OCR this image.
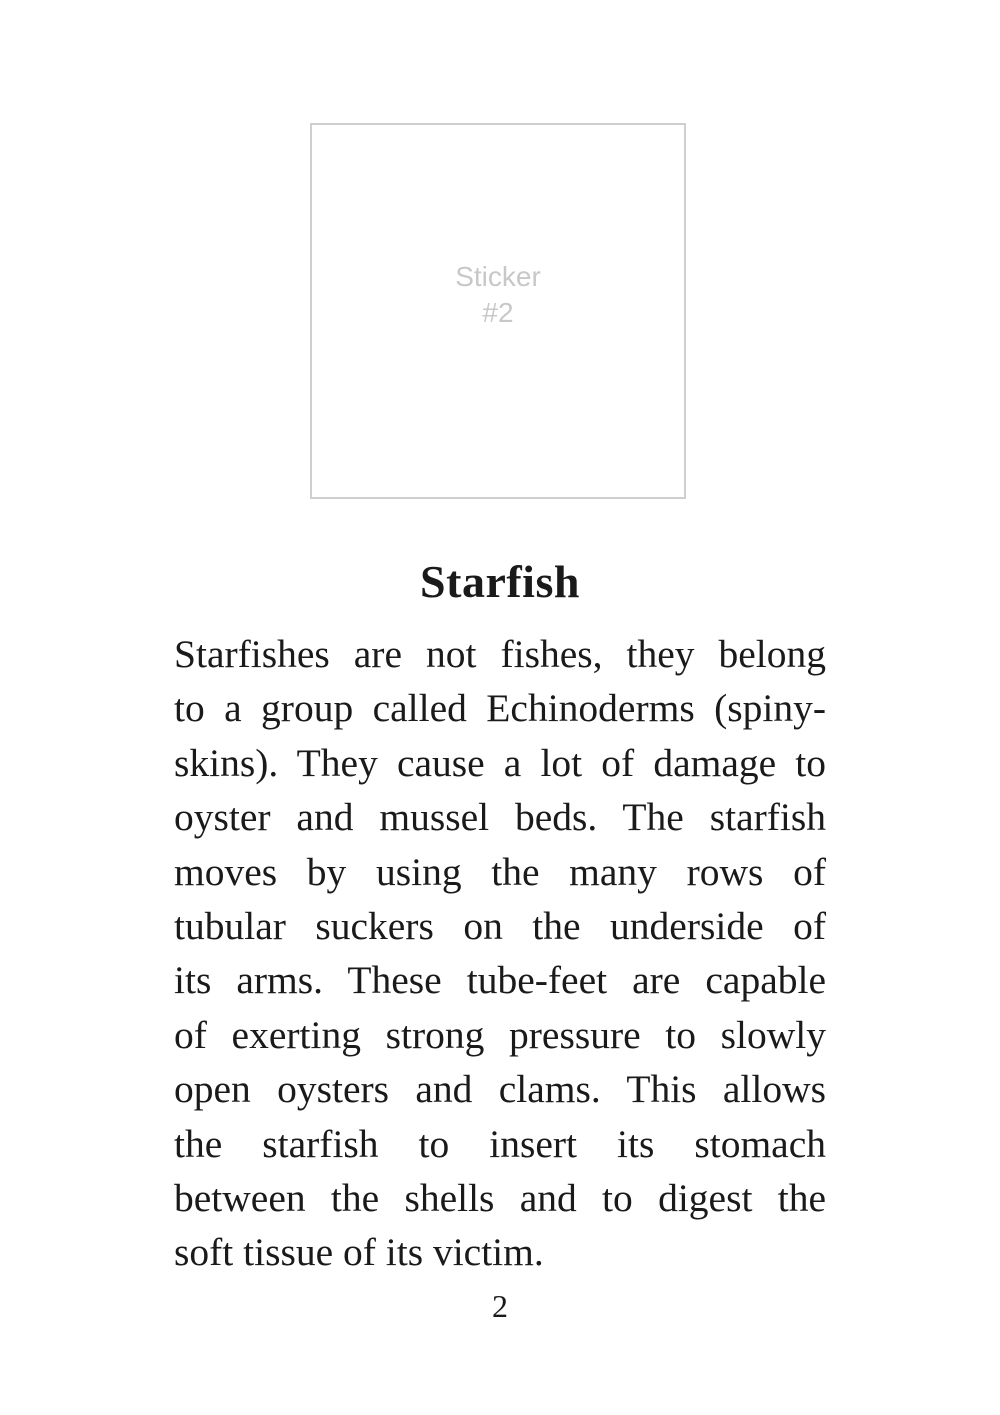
Sticker
#2
Starfish
Starfishes are not fishes, they belong
to a group called Echinoderms (spiny-
skins). They cause a lot of damage to
oyster and mussel beds. The starfish
moves by using the many rows of
tubular suckers on the underside of
its arms. These tube-feet are capable
of exerting strong pressure to slowly
open oysters and clams. This allows
the starfish to insert its stomach
between the shells and to digest the
soft tissue of its victim.
2
